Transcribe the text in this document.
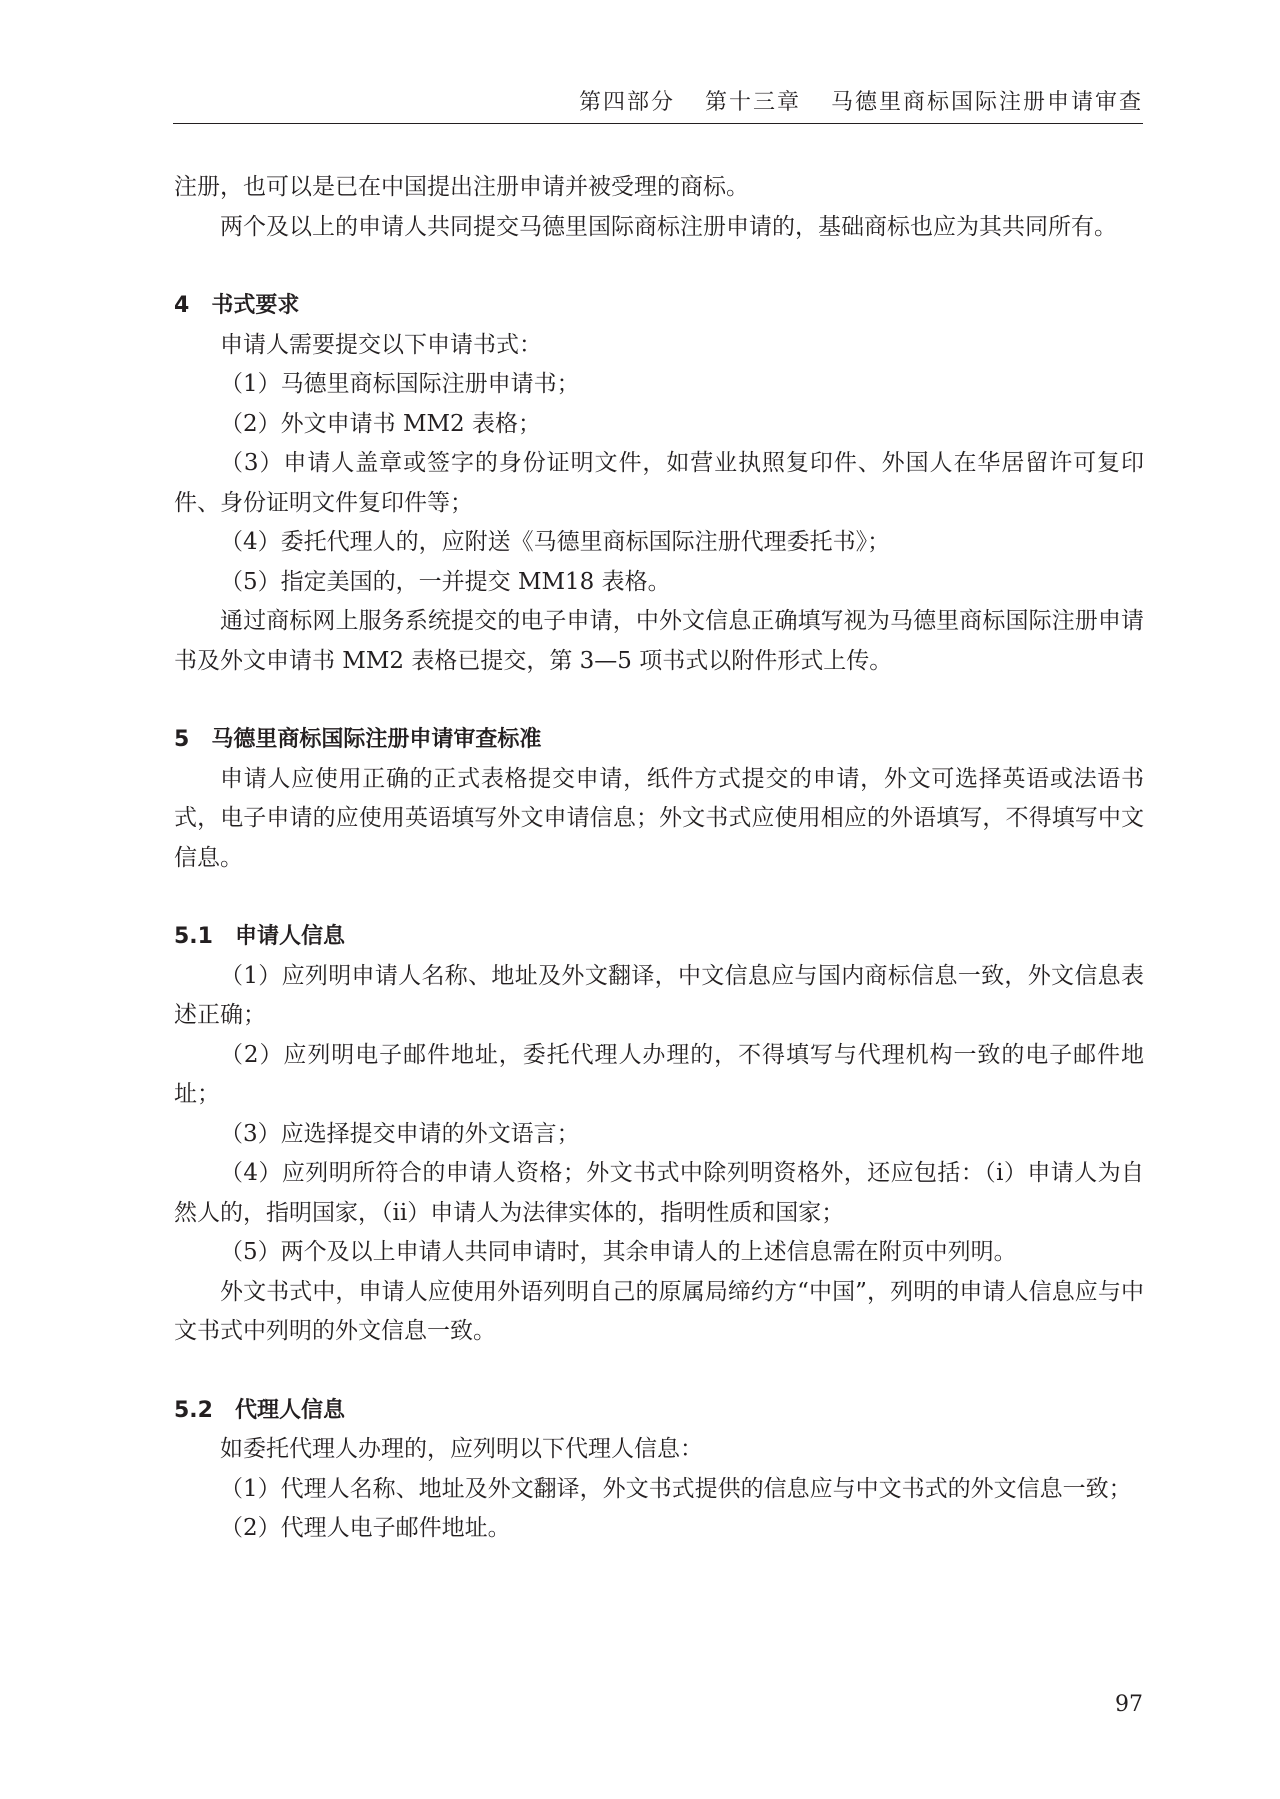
第四部分 第十三章 马德里商标国际注册申请审查

注册，也可以是已在中国提出注册申请并被受理的商标。

两个及以上的申请人共同提交马德里国际商标注册申请的，基础商标也应为其共同所有。

4 书式要求

申请人需要提交以下申请书式：

（1）马德里商标国际注册申请书；

（2）外文申请书 MM2 表格；

（3）申请人盖章或签字的身份证明文件，如营业执照复印件、外国人在华居留许可复印件、身份证明文件复印件等；

（4）委托代理人的，应附送《马德里商标国际注册代理委托书》；

（5）指定美国的，一并提交 MM18 表格。

通过商标网上服务系统提交的电子申请，中外文信息正确填写视为马德里商标国际注册申请书及外文申请书 MM2 表格已提交，第 3—5 项书式以附件形式上传。

5 马德里商标国际注册申请审查标准

申请人应使用正确的正式表格提交申请，纸件方式提交的申请，外文可选择英语或法语书式，电子申请的应使用英语填写外文申请信息；外文书式应使用相应的外语填写，不得填写中文信息。

5.1 申请人信息

（1）应列明申请人名称、地址及外文翻译，中文信息应与国内商标信息一致，外文信息表述正确；

（2）应列明电子邮件地址，委托代理人办理的，不得填写与代理机构一致的电子邮件地址；

（3）应选择提交申请的外文语言；

（4）应列明所符合的申请人资格；外文书式中除列明资格外，还应包括：（i）申请人为自然人的，指明国家，（ii）申请人为法律实体的，指明性质和国家；

（5）两个及以上申请人共同申请时，其余申请人的上述信息需在附页中列明。

外文书式中，申请人应使用外语列明自己的原属局缔约方“中国”，列明的申请人信息应与中文书式中列明的外文信息一致。

5.2 代理人信息

如委托代理人办理的，应列明以下代理人信息：

（1）代理人名称、地址及外文翻译，外文书式提供的信息应与中文书式的外文信息一致；

（2）代理人电子邮件地址。

97
